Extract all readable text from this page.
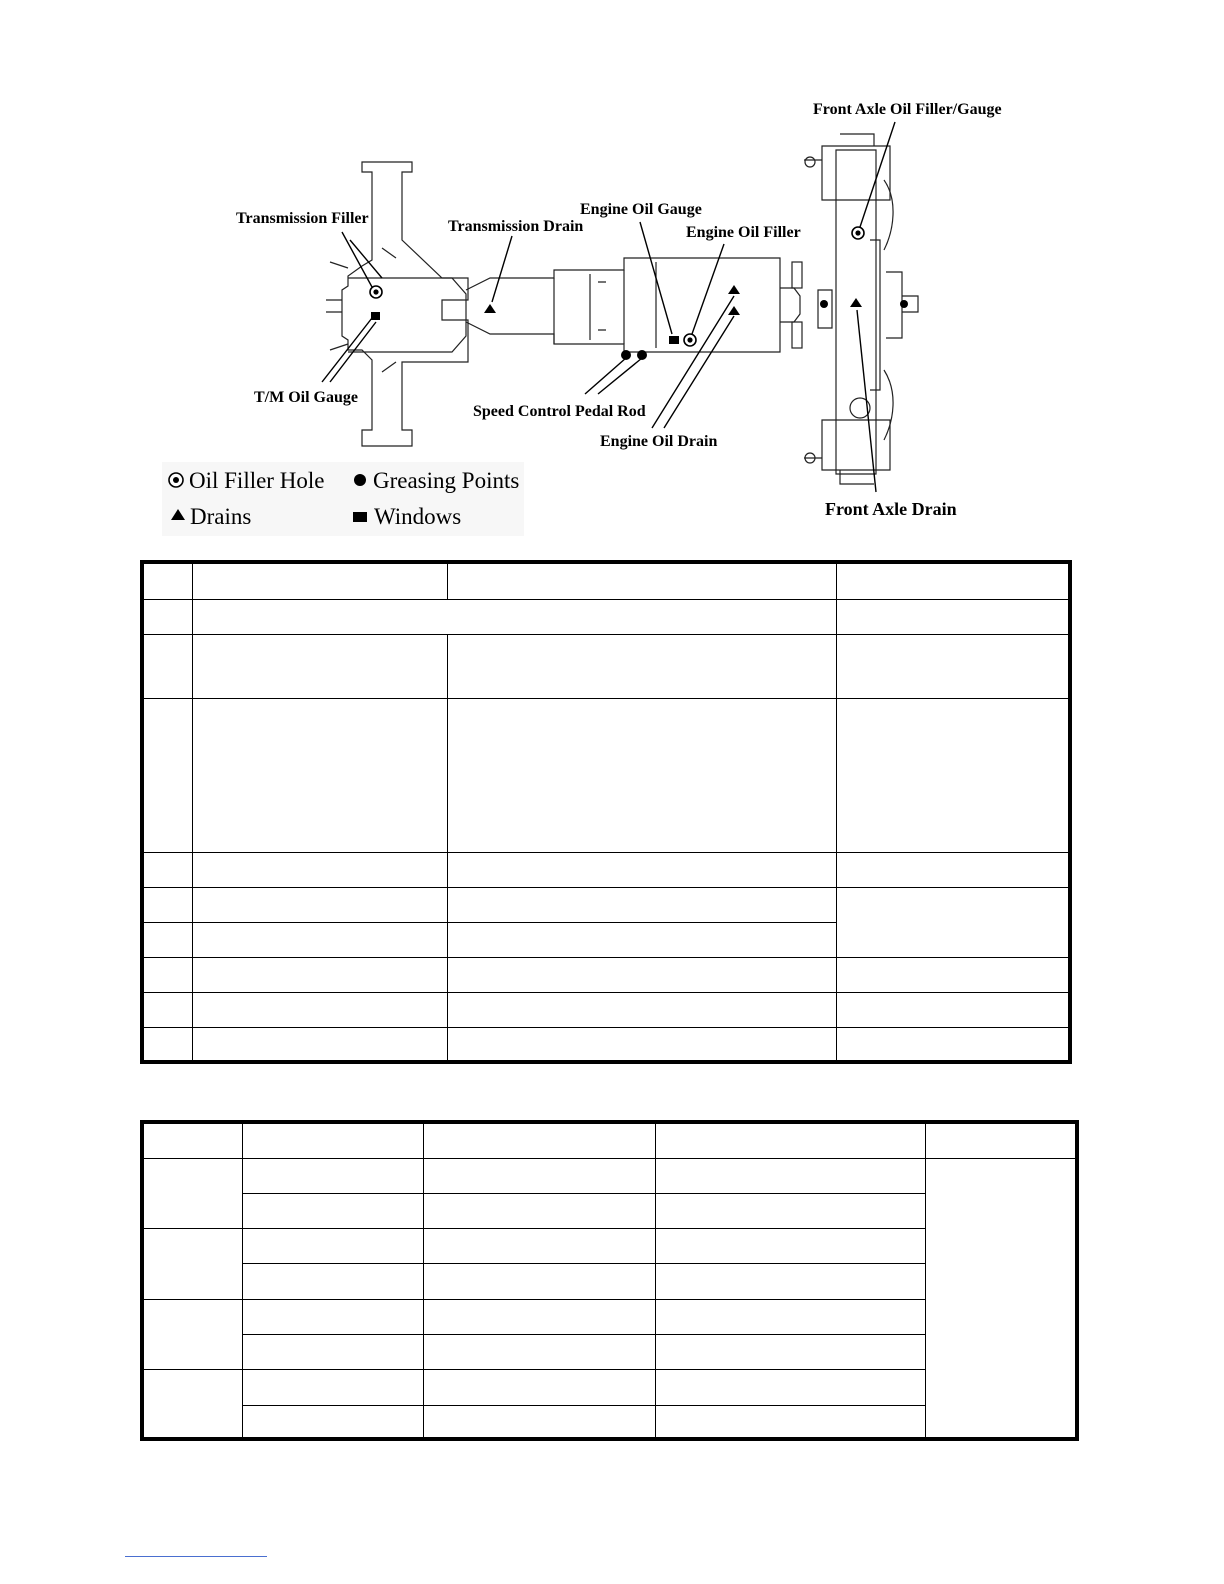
Front Axle Oil Filler/Gauge
Transmission Filler	Transmission Drain
Engine Oil Gauge
Engine Oil Filler
T/M Oil Gauge
Speed Control Pedal Rod
Engine Oil Drain
Front Axle Drain
Oil Filler Hole Greasing Points
Drains	Windows
